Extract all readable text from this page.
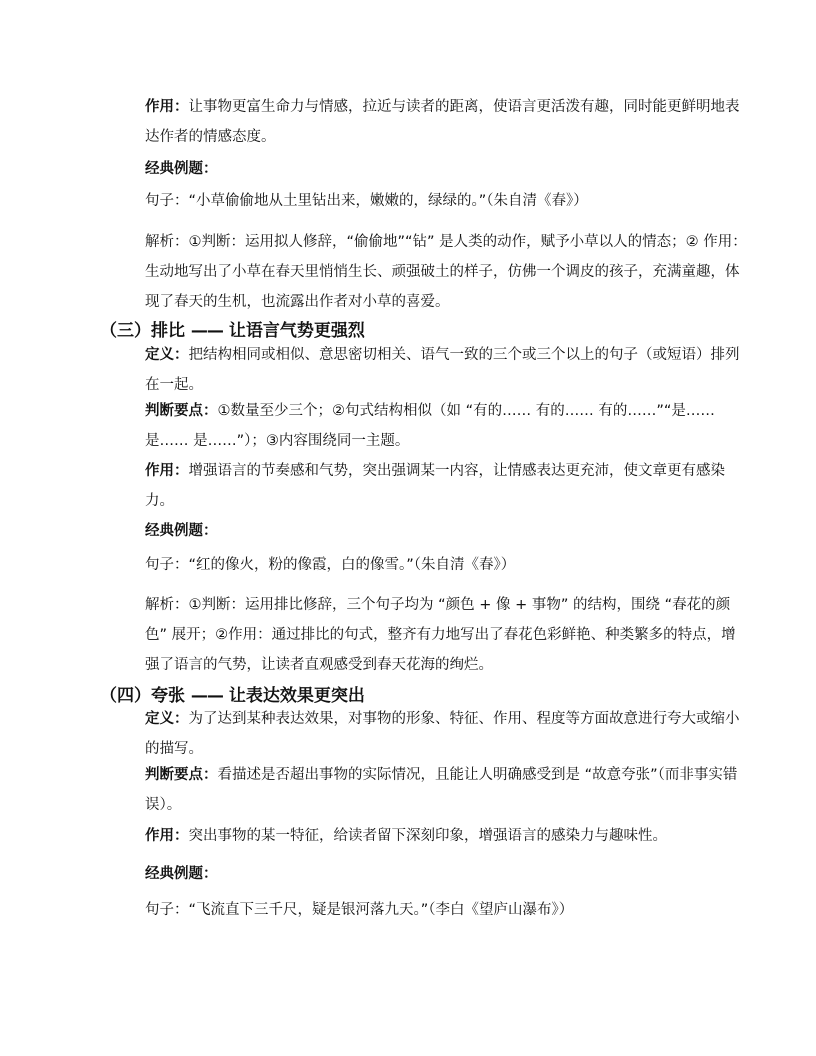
作用：让事物更富生命力与情感，拉近与读者的距离，使语言更活泼有趣，同时能更鲜明地表达作者的情感态度。
经典例题：
句子：“小草偷偷地从土里钻出来，嫩嫩的，绿绿的。”（朱自清《春》）
解析：①判断：运用拟人修辞，“偷偷地”“钻” 是人类的动作，赋予小草以人的情态；② 作用：生动地写出了小草在春天里悄悄生长、顽强破土的样子，仿佛一个调皮的孩子，充满童趣，体现了春天的生机，也流露出作者对小草的喜爱。
（三）排比 —— 让语言气势更强烈
定义：把结构相同或相似、意思密切相关、语气一致的三个或三个以上的句子（或短语）排列在一起。
判断要点：①数量至少三个；②句式结构相似（如 “有的…… 有的…… 有的……”“是…… 是…… 是……”）；③内容围绕同一主题。
作用：增强语言的节奏感和气势，突出强调某一内容，让情感表达更充沛，使文章更有感染力。
经典例题：
句子：“红的像火，粉的像霞，白的像雪。”（朱自清《春》）
解析：①判断：运用排比修辞，三个句子均为 “颜色 + 像 + 事物” 的结构，围绕 “春花的颜色” 展开；②作用：通过排比的句式，整齐有力地写出了春花色彩鲜艳、种类繁多的特点，增强了语言的气势，让读者直观感受到春天花海的绚烂。
（四）夸张 —— 让表达效果更突出
定义：为了达到某种表达效果，对事物的形象、特征、作用、程度等方面故意进行夸大或缩小的描写。
判断要点：看描述是否超出事物的实际情况，且能让人明确感受到是 “故意夸张”（而非事实错误）。
作用：突出事物的某一特征，给读者留下深刻印象，增强语言的感染力与趣味性。
经典例题：
句子：“飞流直下三千尺，疑是银河落九天。”（李白《望庐山瀑布》）
